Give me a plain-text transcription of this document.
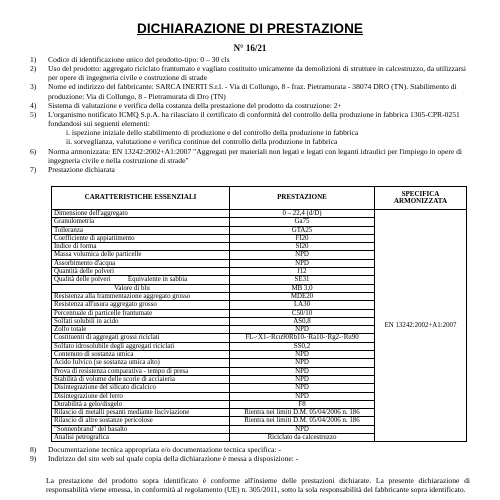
DICHIARAZIONE DI PRESTAZIONE
N° 16/21
1)	Codice di identificazione unico del prodotto-tipo: 0 – 30 cls
2)	Uso del prodotto: aggregato riciclato frantumato e vagliato costituito unicamente da demolizioni di strutture in calcestruzzo, da utilizzarsi per opere di ingegneria civile e costruzione di strade
3)	Nome ed indirizzo del fabbricante: SARCA INERTI S.r.l. - Via di Collungo, 8 - fraz. Pietramurata - 38074 DRO (TN). Stabilimento di produzione: Via di Collungo, 8 - Pietramurata di Dro (TN)
4)	Sistema di valutazione e verifica della costanza della prestazione del prodotto da costruzione: 2+
5)	L'organismo notificato ICMQ S.p.A. ha rilasciato il certificato di conformità del controllo della produzione in fabbrica 1305-CPR-0251 fondandosi sui seguenti elementi:
i. ispezione iniziale dello stabilimento di produzione e del controllo della produzione in fabbrica
ii. sorveglianza, valutazione e verifica continue del controllo della produzione in fabbrica
6)	Norma armonizzata: EN 13242:2002+A1:2007 "Aggregati per materiali non legati e legati con leganti idraulici per l'impiego in opere di ingegneria civile e nella costruzione di strade"
7)	Prestazione dichiarata
CARATTERISTICHE ESSENZIALI	PRESTAZIONE	SPECIFICA ARMONIZZATA
Dimensione dell'aggregato	0 – 22,4 (d/D)	EN 13242:2002+A1:2007
Granulometria	Ga75	
Tolleranza	GTA25	
Coefficiente di appiattimento	FI20	
Indice di forma	SI20	
Massa volumica delle particelle	NPD	
Assorbimento d'acqua	NPD	
Quantità delle polveri	f12	
Qualità delle polveri          Equivalente in sabbia	SE31	
Valore di blu	MB 3,0	
Resistenza alla frammentazione aggregato grosso	MDE20	
Resistenza all'usura aggregato grosso	LA30	
Percentuale di particelle frantumate	C50/10	
Solfati solubili in acido	AS0,8	
Zolfo totale	NPD	
Costituenti di aggregati grossi riciclati	FL-·X1-·Rcu90Rb10-·Ra10-·Rg2-·Ru90	
Solfato idrosolubile degli aggregati riciclati	SS0,2	
Contenuto di sostanza umica	NPD	
Acido fulvico (se sostanza umica alto)	NPD	
Prova di resistenza comparativa - tempo di presa	NPD	
Stabilità di volume delle scorie di acciaieria	NPD	
Disintegrazione del silicato dicalcico	NPD	
Disintegrazione del ferro	NPD	
Durabilità a gelo/disgelo	F8	
Rilascio di metalli pesanti mediante lisciviazione	Rientra nei limiti D.M. 05/04/2006 n. 186	
Rilascio di altre sostanze pericolose	Rientra nei limiti D.M. 05/04/2006 n. 186	
"Sonnenbrand" del basalto	NPD	
Analisi petrografica	Riciclato da calcestruzzo	
8)	Documentazione tecnica appropriata e/o documentazione tecnica specifica: -
9)	Indirizzo del sito web sul quale copia della dichiarazione è messa a disposizione: -
La prestazione del prodotto sopra identificato è conforme all'insieme delle prestazioni dichiarate. La presente dichiarazione di responsabilità viene emessa, in conformità al regolamento (UE) n. 305/2011, sotto la sola responsabilità del fabbricante sopra identificato.
